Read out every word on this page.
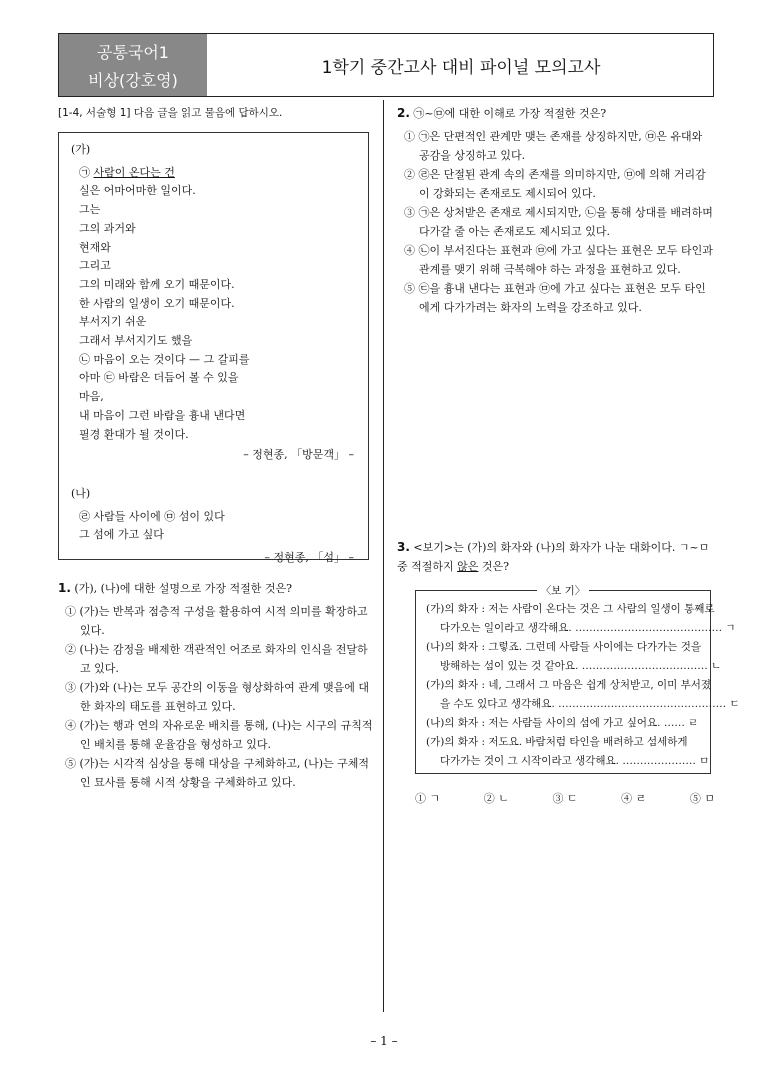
공통국어1
비상(강호영)
1학기 중간고사 대비 파이널 모의고사
[1-4, 서술형 1] 다음 글을 읽고 물음에 답하시오.
(가)
㉠ 사람이 온다는 건
실은 어마어마한 일이다.
그는
그의 과거와
현재와
그리고
그의 미래와 함께 오기 때문이다.
한 사람의 일생이 오기 때문이다.
부서지기 쉬운
그래서 부서지기도 했을
㉡ 마음이 오는 것이다 — 그 갈피를
아마 ㉢ 바람은 더듬어 볼 수 있을
마음,
내 마음이 그런 바람을 흉내 낸다면
필경 환대가 될 것이다.
– 정현종, 「방문객」 –
(나)
㉣ 사람들 사이에 ㉤ 섬이 있다
그 섬에 가고 싶다
– 정현종, 「섬」 –
1. (가), (나)에 대한 설명으로 가장 적절한 것은?
① (가)는 반복과 점층적 구성을 활용하여 시적 의미를 확장하고 있다.
② (나)는 감정을 배제한 객관적인 어조로 화자의 인식을 전달하고 있다.
③ (가)와 (나)는 모두 공간의 이동을 형상화하여 관계 맺음에 대한 화자의 태도를 표현하고 있다.
④ (가)는 행과 연의 자유로운 배치를 통해, (나)는 시구의 규칙적인 배치를 통해 운율감을 형성하고 있다.
⑤ (가)는 시각적 심상을 통해 대상을 구체화하고, (나)는 구체적인 묘사를 통해 시적 상황을 구체화하고 있다.
2. ㉠~㉤에 대한 이해로 가장 적절한 것은?
① ㉠은 단편적인 관계만 맺는 존재를 상징하지만, ㉤은 유대와 공감을 상징하고 있다.
② ㉣은 단절된 관계 속의 존재를 의미하지만, ㉤에 의해 거리감이 강화되는 존재로도 제시되어 있다.
③ ㉠은 상처받은 존재로 제시되지만, ㉡을 통해 상대를 배려하며 다가갈 줄 아는 존재로도 제시되고 있다.
④ ㉡이 부서진다는 표현과 ㉤에 가고 싶다는 표현은 모두 타인과 관계를 맺기 위해 극복해야 하는 과정을 표현하고 있다.
⑤ ㉢을 흉내 낸다는 표현과 ㉤에 가고 싶다는 표현은 모두 타인에게 다가가려는 화자의 노력을 강조하고 있다.
3. <보기>는 (가)의 화자와 (나)의 화자가 나눈 대화이다. ㄱ~ㅁ 중 적절하지 않은 것은?
〈보 기〉
(가)의 화자 : 저는 사람이 온다는 것은 그 사람의 일생이 통째로
다가오는 일이라고 생각해요. …………………………………… ㄱ
(나)의 화자 : 그렇죠. 그런데 사람들 사이에는 다가가는 것을
방해하는 섬이 있는 것 같아요. ……………………………… ㄴ
(가)의 화자 : 네, 그래서 그 마음은 쉽게 상처받고, 이미 부서졌
을 수도 있다고 생각해요. ………………………………………… ㄷ
(나)의 화자 : 저는 사람들 사이의 섬에 가고 싶어요. …… ㄹ
(가)의 화자 : 저도요. 바람처럼 타인을 배려하고 섬세하게
다가가는 것이 그 시작이라고 생각해요. ………………… ㅁ
① ㄱ	② ㄴ	③ ㄷ	④ ㄹ	⑤ ㅁ
– 1 –
